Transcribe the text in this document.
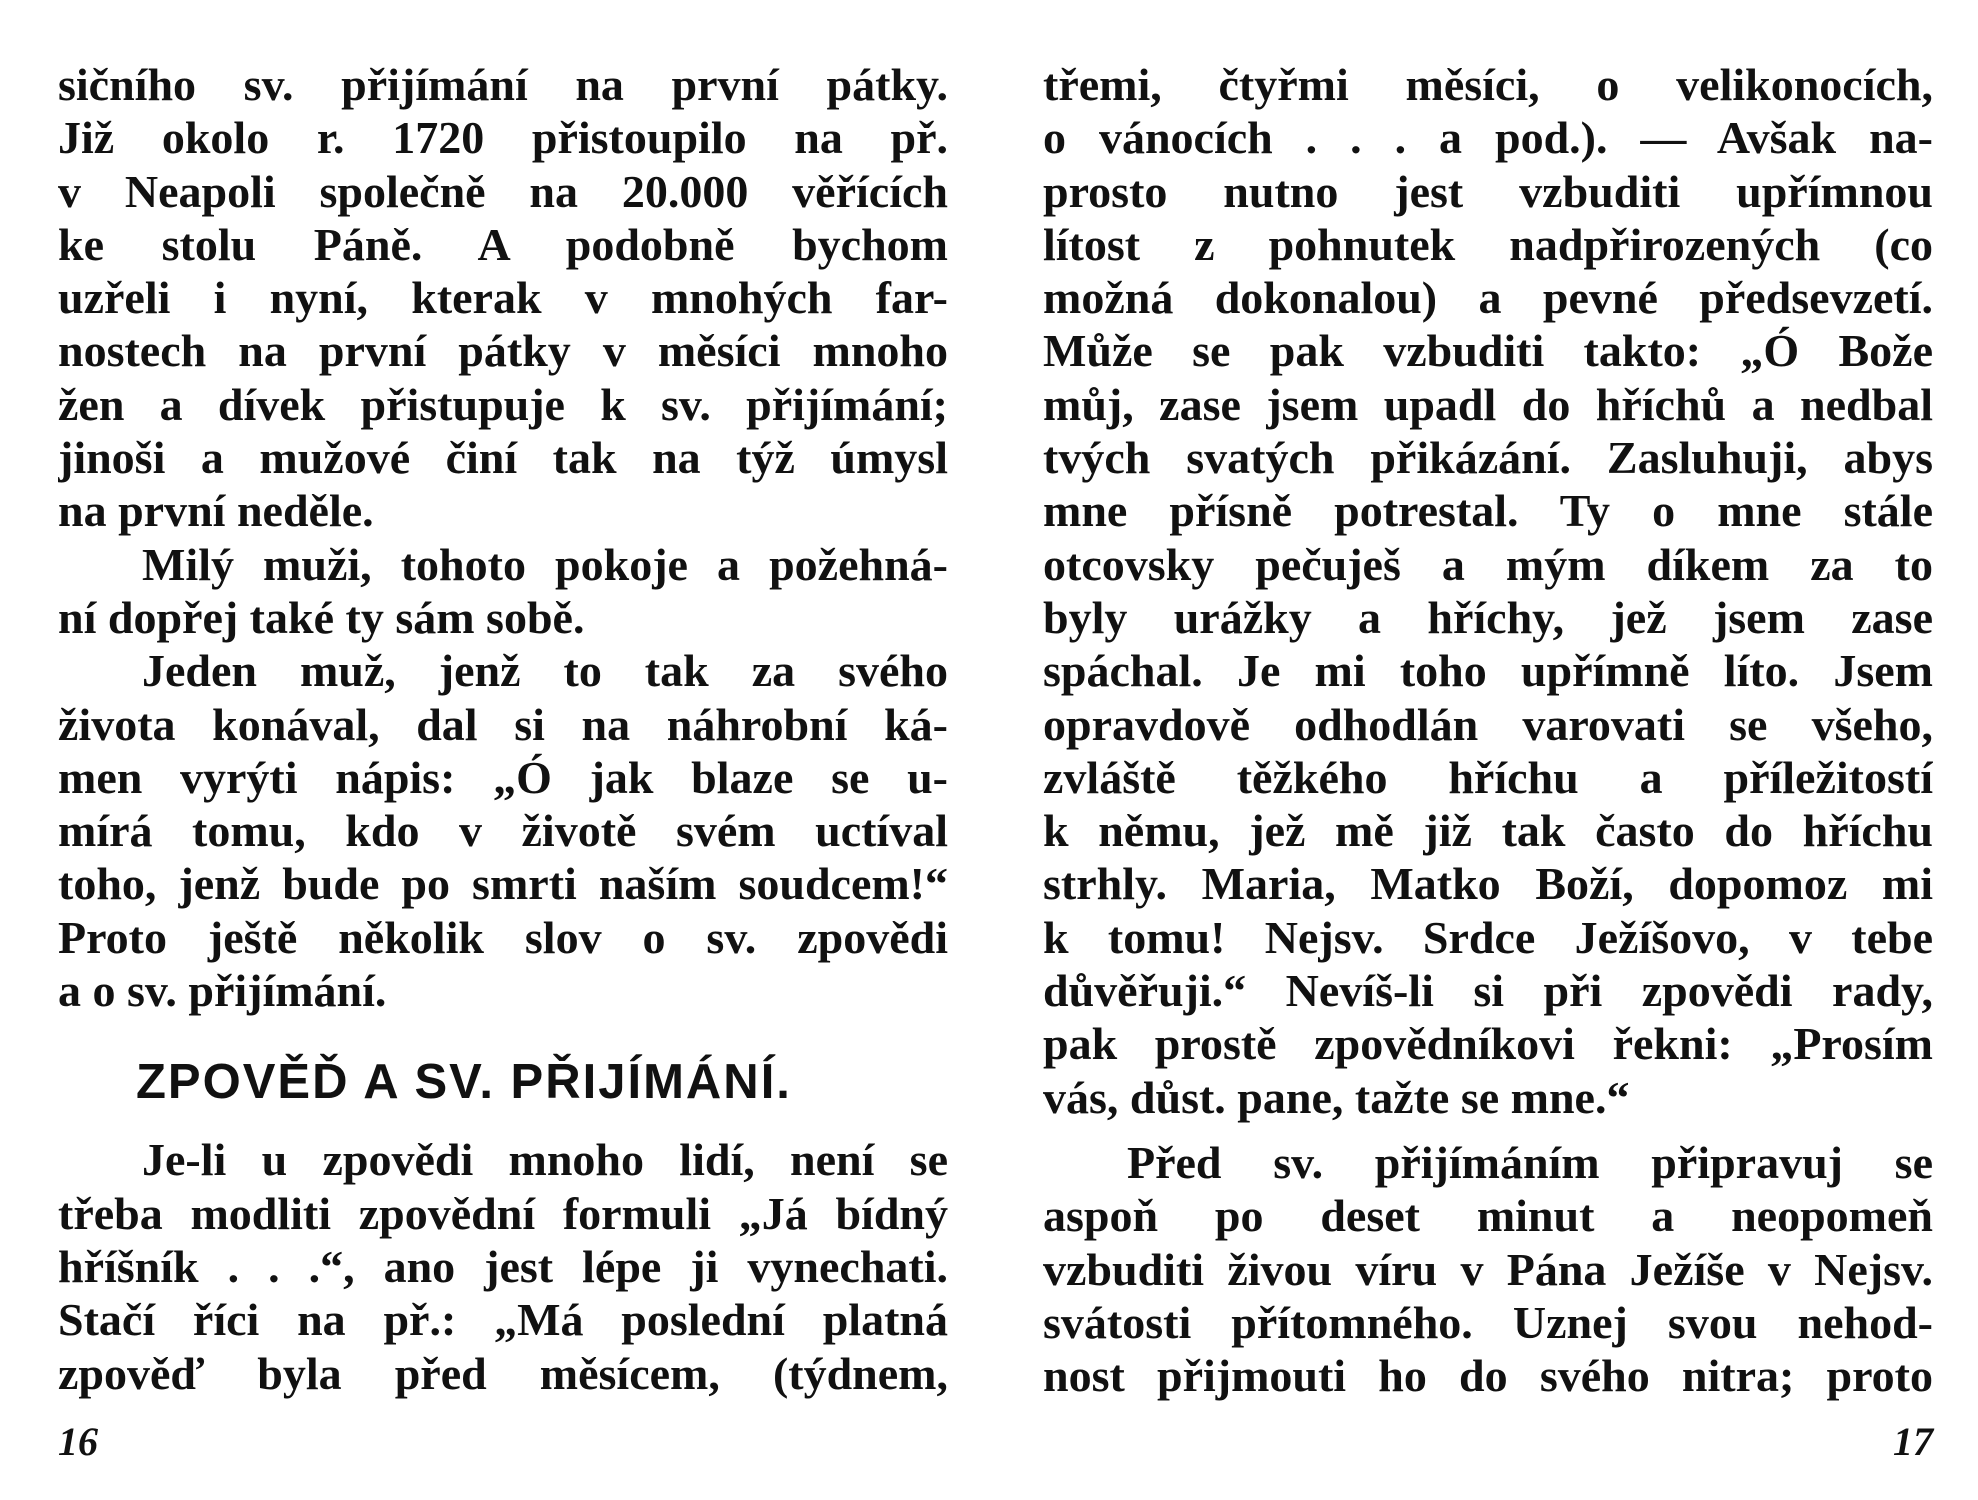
sičního sv. přijímání na první pátky.
Již okolo r. 1720 přistoupilo na př.
v Neapoli společně na 20.000 věřících
ke stolu Páně. A podobně bychom
uzřeli i nyní, kterak v mnohých far-
nostech na první pátky v měsíci mnoho
žen a dívek přistupuje k sv. přijímání;
jinoši a mužové činí tak na týž úmysl
na první neděle.
Milý muži, tohoto pokoje a požehná-
ní dopřej také ty sám sobě.
Jeden muž, jenž to tak za svého
života konával, dal si na náhrobní ká-
men vyrýti nápis: „Ó jak blaze se u-
mírá tomu, kdo v životě svém uctíval
toho, jenž bude po smrti naším soudcem!“
Proto ještě několik slov o sv. zpovědi
a o sv. přijímání.
ZPOVĚĎ A SV. PŘIJÍMÁNÍ.
Je-li u zpovědi mnoho lidí, není se
třeba modliti zpovědní formuli „Já bídný
hříšník . . .“, ano jest lépe ji vynechati.
Stačí říci na př.: „Má poslední platná
zpověď byla před měsícem, (týdnem,
16
třemi, čtyřmi měsíci, o velikonocích,
o vánocích . . . a pod.). — Avšak na-
prosto nutno jest vzbuditi upřímnou
lítost z pohnutek nadpřirozených (co
možná dokonalou) a pevné předsevzetí.
Může se pak vzbuditi takto: „Ó Bože
můj, zase jsem upadl do hříchů a nedbal
tvých svatých přikázání. Zasluhuji, abys
mne přísně potrestal. Ty o mne stále
otcovsky pečuješ a mým díkem za to
byly urážky a hříchy, jež jsem zase
spáchal. Je mi toho upřímně líto. Jsem
opravdově odhodlán varovati se všeho,
zvláště těžkého hříchu a příležitostí
k němu, jež mě již tak často do hříchu
strhly. Maria, Matko Boží, dopomoz mi
k tomu! Nejsv. Srdce Ježíšovo, v tebe
důvěřuji.“ Nevíš-li si při zpovědi rady,
pak prostě zpovědníkovi řekni: „Prosím
vás, důst. pane, tažte se mne.“
Před sv. přijímáním připravuj se
aspoň po deset minut a neopomeň
vzbuditi živou víru v Pána Ježíše v Nejsv.
svátosti přítomného. Uznej svou nehod-
nost přijmouti ho do svého nitra; proto
17
